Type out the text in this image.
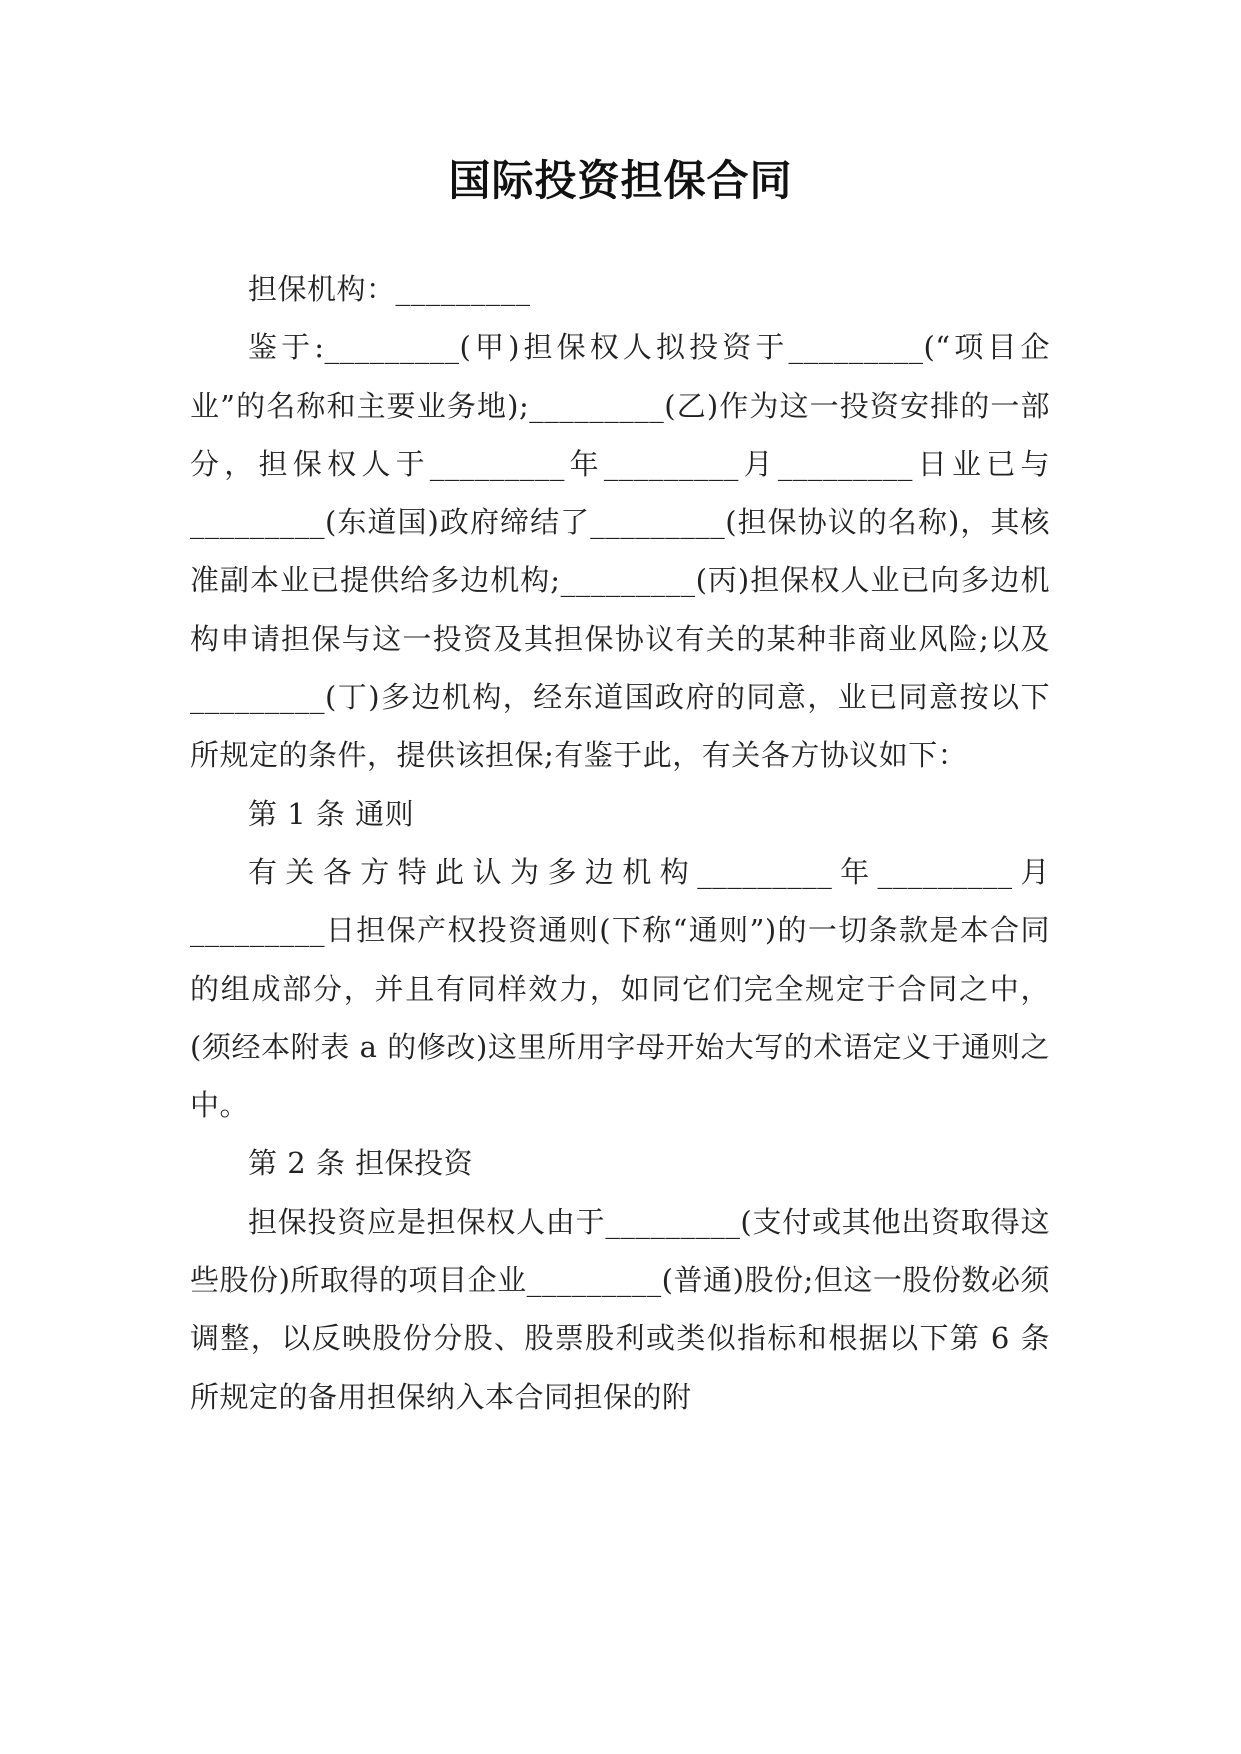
国际投资担保合同

担保机构：_________

鉴于:_________(甲)担保权人拟投资于_________(“项目企业”的名称和主要业务地);_________(乙)作为这一投资安排的一部分，担保权人于_________年_________月_________日业已与_________(东道国)政府缔结了_________(担保协议的名称)，其核准副本业已提供给多边机构;_________(丙)担保权人业已向多边机构申请担保与这一投资及其担保协议有关的某种非商业风险;以及_________(丁)多边机构，经东道国政府的同意，业已同意按以下所规定的条件，提供该担保;有鉴于此，有关各方协议如下：

第 1 条 通则

有关各方特此认为多边机构_________年_________月_________日担保产权投资通则(下称“通则”)的一切条款是本合同的组成部分，并且有同样效力，如同它们完全规定于合同之中，(须经本附表 a 的修改)这里所用字母开始大写的术语定义于通则之中。

第 2 条 担保投资

担保投资应是担保权人由于_________(支付或其他出资取得这些股份)所取得的项目企业_________(普通)股份;但这一股份数必须调整，以反映股份分股、股票股利或类似指标和根据以下第 6 条所规定的备用担保纳入本合同担保的附
